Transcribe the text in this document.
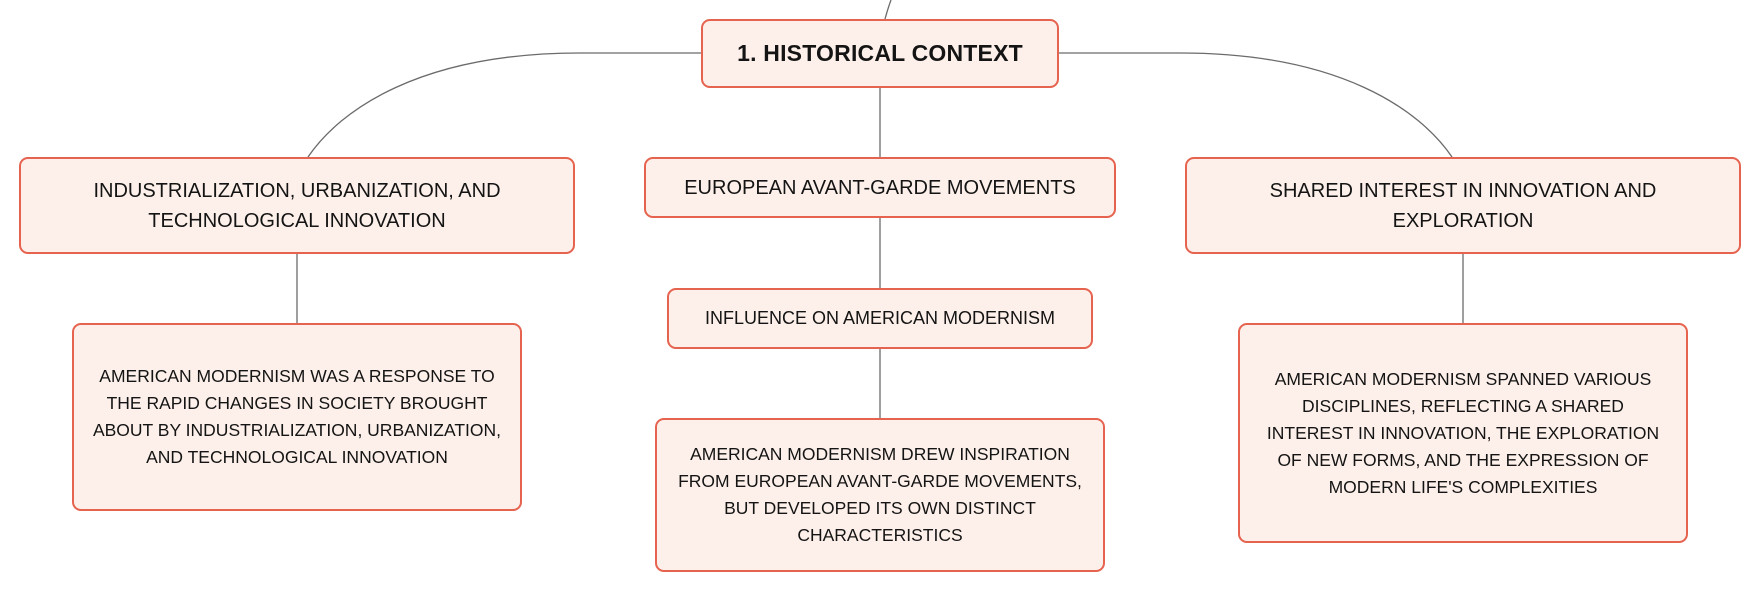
1. HISTORICAL CONTEXT
INDUSTRIALIZATION, URBANIZATION, AND TECHNOLOGICAL INNOVATION
EUROPEAN AVANT-GARDE MOVEMENTS	SHARED INTEREST IN INNOVATION AND EXPLORATION
AMERICAN MODERNISM WAS A RESPONSE TO THE RAPID CHANGES IN SOCIETY BROUGHT ABOUT BY INDUSTRIALIZATION, URBANIZATION, AND TECHNOLOGICAL INNOVATION
INFLUENCE ON AMERICAN MODERNISM
AMERICAN MODERNISM DREW INSPIRATION FROM EUROPEAN AVANT-GARDE MOVEMENTS, BUT DEVELOPED ITS OWN DISTINCT CHARACTERISTICS
AMERICAN MODERNISM SPANNED VARIOUS DISCIPLINES, REFLECTING A SHARED INTEREST IN INNOVATION, THE EXPLORATION OF NEW FORMS, AND THE EXPRESSION OF MODERN LIFE'S COMPLEXITIES
